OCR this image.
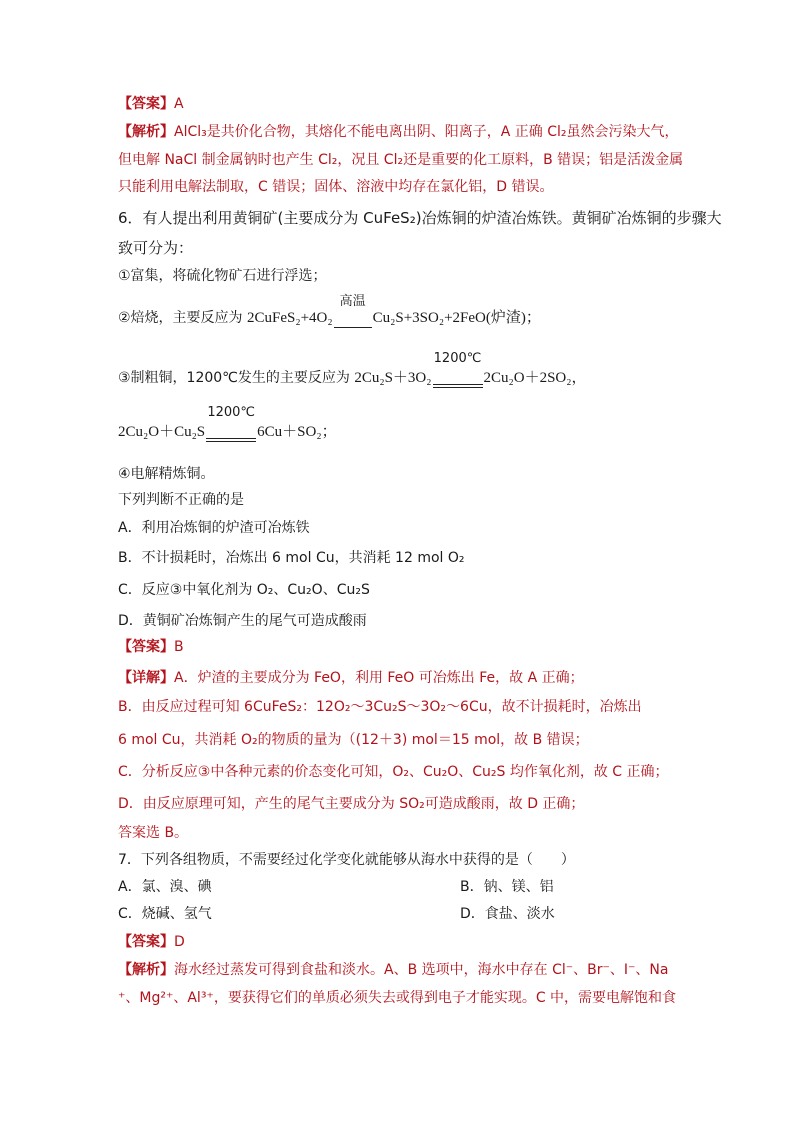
【答案】A
【解析】AlCl₃是共价化合物，其熔化不能电离出阴、阳离子，A 正确 Cl₂虽然会污染大气，
但电解 NaCl 制金属钠时也产生 Cl₂，况且 Cl₂还是重要的化工原料，B 错误；铝是活泼金属
只能利用电解法制取，C 错误；固体、溶液中均存在氯化铝，D 错误。
6．有人提出利用黄铜矿(主要成分为 CuFeS₂)冶炼铜的炉渣冶炼铁。黄铜矿冶炼铜的步骤大
致可分为：
①富集，将硫化物矿石进行浮选；
②焙烧，主要反应为 2CuFeS₂+4O₂
高温
Cu₂S+3SO₂+2FeO(炉渣)；
③制粗铜，1200℃发生的主要反应为 2Cu₂S＋3O₂
1200℃
2Cu₂O＋2SO₂，
2Cu₂O＋Cu₂S
1200℃
6Cu＋SO₂；
④电解精炼铜。
下列判断不正确的是
A．利用冶炼铜的炉渣可冶炼铁
B．不计损耗时，冶炼出 6 mol Cu，共消耗 12 mol O₂
C．反应③中氧化剂为 O₂、Cu₂O、Cu₂S
D．黄铜矿冶炼铜产生的尾气可造成酸雨
【答案】B
【详解】A．炉渣的主要成分为 FeO，利用 FeO 可冶炼出 Fe，故 A 正确；
B．由反应过程可知 6CuFeS₂：12O₂～3Cu₂S～3O₂～6Cu，故不计损耗时，冶炼出
6 mol Cu，共消耗 O₂的物质的量为（(12＋3) mol＝15 mol，故 B 错误；
C．分析反应③中各种元素的价态变化可知，O₂、Cu₂O、Cu₂S 均作氧化剂，故 C 正确；
D．由反应原理可知，产生的尾气主要成分为 SO₂可造成酸雨，故 D 正确；
答案选 B。
7．下列各组物质，不需要经过化学变化就能够从海水中获得的是（　　）
A．氯、溴、碘	B．钠、镁、铝
C．烧碱、氢气	D．食盐、淡水
【答案】D
【解析】海水经过蒸发可得到食盐和淡水。A、B 选项中，海水中存在 Cl⁻、Br⁻、I⁻、Na
⁺、Mg²⁺、Al³⁺，要获得它们的单质必须失去或得到电子才能实现。C 中，需要电解饱和食
